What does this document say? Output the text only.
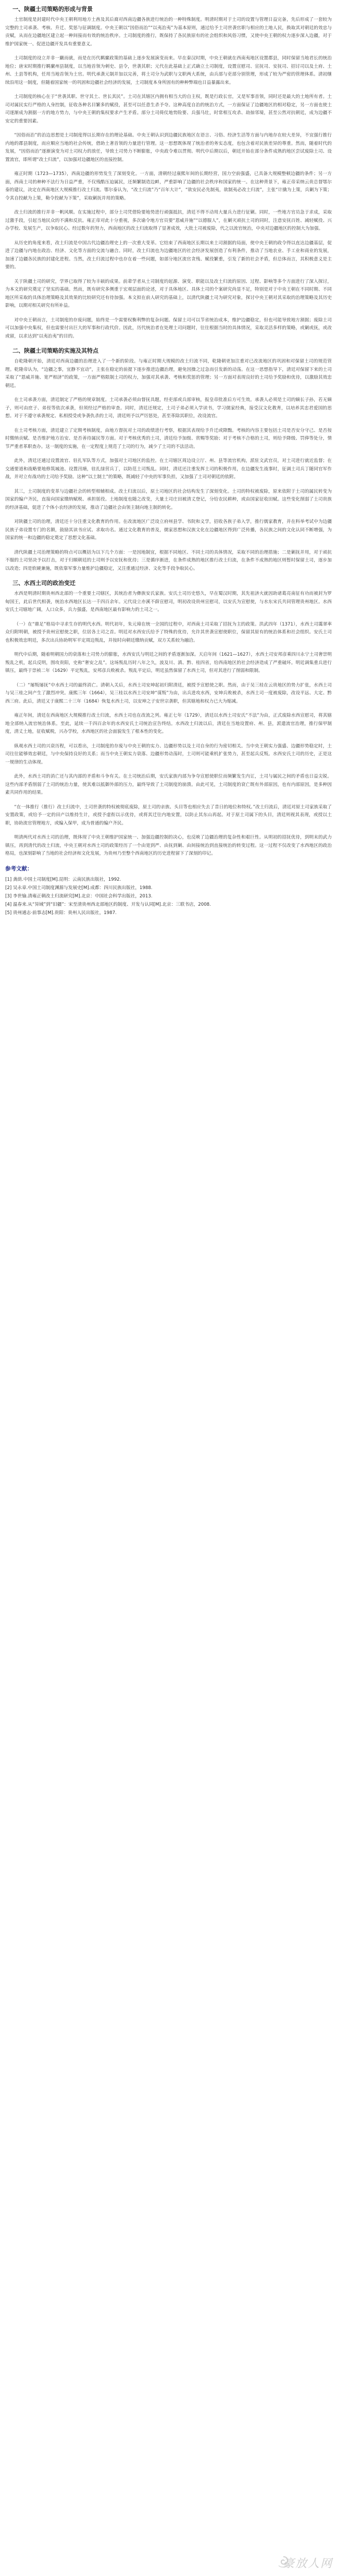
一、陕疆土司策略的形成与背景

土官制度是封建时代中央王朝利用地方土酋及其后裔对西南边疆各族进行统治的一种特殊制度。明清时期对于土司的设置与管理日益完备，先后形成了一套较为完整的土司承袭、考核、升迁、奖惩与征调制度。中央王朝以“因俗而治”“以夷治夷”为基本原则，通过给予土司世袭官职与相应的土地人民，换取其对朝廷的效忠与贡赋，从而在边疆地区建立起一种间接而有效的统治秩序。土司制度的推行，既保持了各民族原有的社会组织和风俗习惯，又使中央王朝的权力逐步深入边疆，对于维护国家统一、促进边疆开发具有重要意义。

土司制度的设立并非一蹴而就，而是在历代羁縻政策的基础上逐步发展演变而来。早在秦汉时期，中央王朝就在西南夷地区设置郡县，同时保留当地君长的统治地位；唐宋时期推行羁縻州县制度，以当地首领为刺史、县令，世袭其职；元代在此基础上正式确立土司制度，设置宣慰司、宣抚司、安抚司、招讨司以及土府、土州、土县等机构，任用当地首领为土官。明代承袭元制并加以完善，将土司分为武职与文职两大系统，由兵部与吏部分别管理，形成了较为严密的管理体系。清初继续沿用这一制度，但随着国家统一的巩固和边疆社会经济的发展，土司制度本身所固有的种种弊端也日益暴露出来。

土司制度的核心在于“世袭其职、世守其土、世长其民”。土司在其辖区内拥有相当大的自主权，既是行政长官，又是军事首领，同时还是最大的土地所有者。土司对属民实行严格的人身控制，征收各种名目繁多的赋役，甚至可以任意生杀予夺。这种高度自治的统治方式，一方面保证了边疆地区的相对稳定，另一方面也使土司逐渐成为割据一方的地方势力，与中央王朝的集权要求产生矛盾。部分土司倚仗地势险要、兵强马壮，时常相互攻杀、劫掠邻境，甚至公然对抗朝廷，成为边疆不安定的重要因素。

“因俗而治”的治边思想是土司制度得以长期存在的理论基础。中央王朝认识到边疆民族地区在语言、习俗、经济生活等方面与内地存在较大差异，不宜强行推行内地的郡县制度，而应顺应当地的社会传统，借助土著首领的力量进行管理。这一思想既体现了统治者的务实态度，也包含着对民族差异的尊重。然而，随着时代的发展，“因俗而治”逐渐演变为对土司权力的放任，导致土司势力不断膨胀，中央政令难以贯彻。明代中后期以后，朝廷开始在部分条件成熟的地区尝试废除土司、设置流官，即所谓“改土归流”，以加强对边疆地区的直接控制。

雍正时期（1723—1735），西南边疆的形势发生了深刻变化。一方面，清朝经过康熙年间的长期经营，国力空前强盛，已具备大规模整顿边疆的条件；另一方面，西南土司的种种不法行为日益严重，不仅残酷压迫属民，还频繁制造边衅，严重影响了边疆的社会秩序和国家的统一。在这种背景下，雍正帝采纳云贵总督鄂尔泰的建议，决定在西南地区大规模推行改土归流。鄂尔泰认为，“改土归流”乃“百年大计”，“欲安民必先制夷，欲制夷必改土归流”，主张“计擒为上策，兵剿为下策；令其自投献为上策，勒令投献为下策”，采取剿抚并用的策略。

改土归流的推行并非一帆风顺。在实施过程中，部分土司凭借险要地势进行顽强抵抗，清廷不得不动用大量兵力进行征剿。同时，一些地方官员急于求成，采取过激手段，引起当地民众的不满和反抗。雍正帝对此十分重视，多次谕令地方官员要“恩威并施”“以德服人”，在剿灭顽抗土司的同时，注意安抚百姓、减轻赋役、兴办学校、发展生产，以争取民心。经过数年的努力，西南地区的改土归流取得了显著成效，大批土司被废除，代之以流官统治，中央对边疆地区的控制大为加强。

从历史的角度来看，改土归流是中国古代边疆治理史上的一次重大变革。它结束了西南地区长期以来土司割据的局面，使中央王朝的政令得以直达边疆基层，促进了边疆与内地在政治、经济、文化等方面的交流与融合。同时，改土归流也为边疆地区的社会经济发展创造了有利条件，推动了当地农业、手工业和商业的发展，加速了边疆各民族的封建化进程。当然，改土归流过程中也存在着一些问题，如部分地区流官贪残、赋役繁重，引发了新的社会矛盾，但总体而言，其积极意义是主要的。

关于陕疆土司的研究，学界已取得了较为丰硕的成果。前辈学者从土司制度的起源、演变、职能以及改土归流的原因、过程、影响等多个方面进行了深入探讨，为本文的研究奠定了坚实的基础。然而，既有研究多侧重于宏观层面的论述，对于具体地区、具体土司的个案研究尚显不足，特别是对于中央王朝在不同时期、不同地区所采取的具体治理策略及其效果的比较研究还有待加强。本文拟在前人研究的基础上，以清代陕疆土司为研究对象，探讨中央王朝对其采取的治理策略及其历史影响，以期对相关研究有所补益。

对中央王朝而言，土司制度的存废问题，始终是一个需要权衡利弊的复杂问题。保留土司可以节省统治成本，维护边疆稳定，但也可能导致地方割据；废除土司可以加强中央集权，但也需要付出巨大的军事和行政代价。因此，历代统治者在处理土司问题时，往往根据当时的具体情况，采取灵活多样的策略，或剿或抚，或改或留，以求达到“以夷治夷”的目的。

二、陕疆土司策略的实施及其特点

自乾隆朝开始，清廷对西南边疆的治理进入了一个新的阶段。与雍正时期大规模的改土归流不同，乾隆朝更加注重对已改流地区的巩固和对保留土司的规范管理。乾隆帝认为，“边疆之事，宜静不宜动”，主张在稳定的前提下逐步推进边疆治理，避免因操之过急而引发新的动荡。在这一思想指导下，清廷对保留下来的土司采取了“恩威并施、宽严相济”的政策，一方面严格限制土司的权力，加强对其承袭、考核和奖惩的管理；另一方面对表现良好的土司给予奖励和优待，以激励其效忠朝廷。

在土司承袭方面，清廷制定了严格的规章制度。土司承袭必须由督抚具题，经吏部或兵部审核，报皇帝批准后方可生效。承袭人必须是土司的嫡长子孙，若无嫡子，则可由庶子、弟侄等依次承袭，但须经过严格的审查。同时，清廷还规定，土司子弟必须入学读书，学习儒家经典，接受汉文化教育，以培养其忠君爱国的思想。对于不遵守承袭规定、私相授受或争袭仇杀的土司，清廷则予以严厉惩处，甚至革除其职位，改设流官。

在土司考核方面，清廷建立了定期考核制度，由地方督抚对土司的政绩进行考察，根据其表现给予升迁或降黜。考核的内容主要包括土司是否安分守己、是否按时缴纳贡赋、是否维护地方治安、是否善待属民等方面。对于考核优秀的土司，清廷给予加级、赏赐等奖励；对于考核不合格的土司，则给予降级、罚俸等处分，情节严重者革职查办。这一制度的实施，在一定程度上规范了土司的行为，减少了土司的不法活动。

此外，清廷还通过设置流官、驻扎军队等方式，加强对土司地区的监控。在土司辖区周边设立厅、州、县等流官机构，派驻文武官员，对土司进行就近监督；在交通要道和战略要地修筑城池、设置汛塘，驻扎绿营兵丁，以防范土司叛乱。同时，清廷还注重发挥土司的积极作用，在边疆发生战事时，征调土司兵丁随同官军作战，并对立有战功的土司给予奖励。这种“以土制土”的策略，既减轻了中央的军事负担，又加强了土司对朝廷的依附。

其三，土司制度的变革与边疆社会的转型相辅相成。改土归流以后，原土司地区的社会结构发生了深刻变化。土司的特权被废除，原来依附于土司的属民转变为国家的编户齐民，直接向国家缴纳赋税、承担徭役。土地制度也随之改变，大量土司庄田被清丈登记，分给农民耕种，或由国家征收田赋。这些变化削弱了土司贵族的经济基础，促进了个体小农经济的发展，推动了边疆社会由领主制向地主制的转化。

对陕疆土司的治理，清廷还十分注重文化教育的作用。在改流地区广泛设立府州县学、书院和义学，招收各族子弟入学，推行儒家教育，并在科举考试中为边疆民族子弟设置专门的名额，鼓励其读书应试、求取功名。通过文化教育的普及，儒家思想和汉族文化在边疆地区得到广泛传播，各民族之间的文化认同不断增强，为国家的统一和边疆的稳定奠定了思想文化基础。

清代陕疆土司治理策略的特点可以概括为以下几个方面：一是因地制宜，根据不同地区、不同土司的具体情况，采取不同的治理措施；二是剿抚并用，对于顽抗不服的土司坚决予以打击，对于归顺朝廷的土司则予以安抚和优待；三是循序渐进，在条件成熟的地区推行改土归流，在条件不成熟的地区则暂时保留土司，逐步加以改造；四是软硬兼施，既依靠军事力量维护边疆稳定，又注重通过经济、文化等手段争取民心。

三、水西土司的政治变迁

水西是明清时期贵州西北部的一个重要土司辖区，其统治者为彝族安氏家族。安氏土司历史悠久，早在蜀汉时期，其先祖济火就因助诸葛亮南征有功而被封为罗甸国王，此后世代相袭，统治水西地区长达一千四百余年。元代设立亦溪不薛宣慰司，明初改设贵州宣慰司，以安氏为宣慰使，与水东宋氏共同管理贵州地区。水西安氏土司辖地广阔，人口众多，兵力强盛，是西南地区最有影响力的土司之一。

（一）在“鼎足”格局中寻求生存的明代水西。明代初年，朱元璋在统一全国的过程中，对西南土司采取了招抚为主的政策。洪武四年（1371），水西土司霭翠率众归附明朝，被授予贵州宣慰使之职，位居各土司之首。明廷对水西安氏给予了特殊的优待，允许其世袭宣慰使职位，保留其原有的统治体系和社会组织。安氏土司也积极效忠明廷，多次出兵协助明军平定周边叛乱，并按时向朝廷缴纳贡赋，双方关系较为融洽。

明代中后期，随着明朝国力的衰落和土司势力的膨胀，水西安氏与明廷之间的矛盾逐渐加深。天启年间（1621—1627），水西土司安邦彦乘四川永宁土司奢崇明叛乱之机，起兵反明，围攻贵阳，史称“奢安之乱”。这场叛乱历时八年之久，波及川、滇、黔、桂四省，给西南地区的社会经济造成了严重破坏。明廷调集重兵进行镇压，最终于崇祯二年（1629）平定叛乱，安邦彦兵败被杀。叛乱平定后，明廷虽然保留了水西土司，但对其进行了削弱和限制。

（二）“屡叛屡抚”中水西土司的最终消亡。清朝入关后，水西土司安坤起初归附清廷，被授予宣慰使之职。然而，由于吴三桂在云贵地区的势力扩张，水西土司与吴三桂之间产生了激烈冲突。康熙三年（1664），吴三桂以水西土司安坤“谋叛”为由，出兵进攻水西，安坤兵败被杀，水西土司一度被废除，改设平远、大定、黔西三府。此后，清廷又于康熙二十三年（1684）恢复水西土司，以安坤之子安世宗袭职，但其辖地和权力已大为缩减。

雍正年间，清廷在西南地区大规模推行改土归流，水西土司也在改流之列。雍正七年（1729），清廷以水西土司安氏“不法”为由，正式废除水西宣慰司，将其辖地全部纳入流官统治体系。至此，延续一千四百余年的水西安氏土司统治宣告终结。水西改土归流以后，清廷在当地设置府、州、县，派遣流官治理，推行保甲制度，清丈土地，征收赋税，兴办学校，水西地区的社会面貌发生了根本性的变化。

纵观水西土司的兴衰历程，可以看出，土司制度的存废与中央王朝的实力、边疆形势以及土司自身的行为密切相关。当中央王朝实力强盛、边疆形势稳定时，土司往往能够效忠朝廷，与中央保持良好的关系；而当中央王朝实力衰落、边疆形势动荡时，土司则可能乘机扩张势力，甚至起兵反叛。水西安氏土司的历史，正是这一规律的生动体现。

此外，水西土司的消亡还与其内部的矛盾和斗争有关。在土司统治后期，安氏家族内部为争夺宣慰使职位而频繁发生内讧，土司与属民之间的矛盾也日益尖锐。这些内部矛盾削弱了土司的统治力量，使其难以抵御外部的压力，最终导致了土司制度的崩溃。由此可见，土司制度的衰亡既有外部原因，也有内部原因，是多种因素共同作用的结果。

“在一体推行（推行）改土归流中，土司世袭的特权被彻底废除，原土司的亲族、头目等也相应失去了昔日的地位和特权。”改土归流后，清廷对原土司家族采取了安置政策，或给予一定的田产以维持生计，或授予虚衔以示优待，或将其迁往内地安置，以防止其东山再起。对于原土司属下的头目，清廷则视其表现，或授以土职，协助流官管理地方，或编入保甲，成为普通的编户齐民。

明清两代对水西土司的治理，既体现了中央王朝维护国家统一、加强边疆控制的决心，也反映了边疆治理的复杂性和艰巨性。从明初的招抚优待，到明末的武力镇压，再到清代的改土归流，中央王朝对水西土司的政策经历了一个由宽到严、由抚到剿、由间接统治到直接统治的转变过程。这一过程不仅改变了水西地区的政治格局，也深刻影响了当地的社会经济和文化发展，为贵州乃至整个西南地区的历史进程留下了深刻的印记。

参考文献：
[1] 龚荫.中国土司制度[M].昆明：云南民族出版社，1992.
[2] 吴永章.中国土司制度渊源与发展史[M].成都：四川民族出版社，1988.
[3] 李世愉.清雍正朝改土归流研究[M].北京：中国社会科学出版社，2013.
[4] 温春来.从“异域”到“旧疆”：宋至清贵州西北部地区的制度、开发与认同[M].北京：三联书店，2008.
[5] 贵州通志·前事志[M].贵阳：贵州人民出版社，1987.
豪放人网
